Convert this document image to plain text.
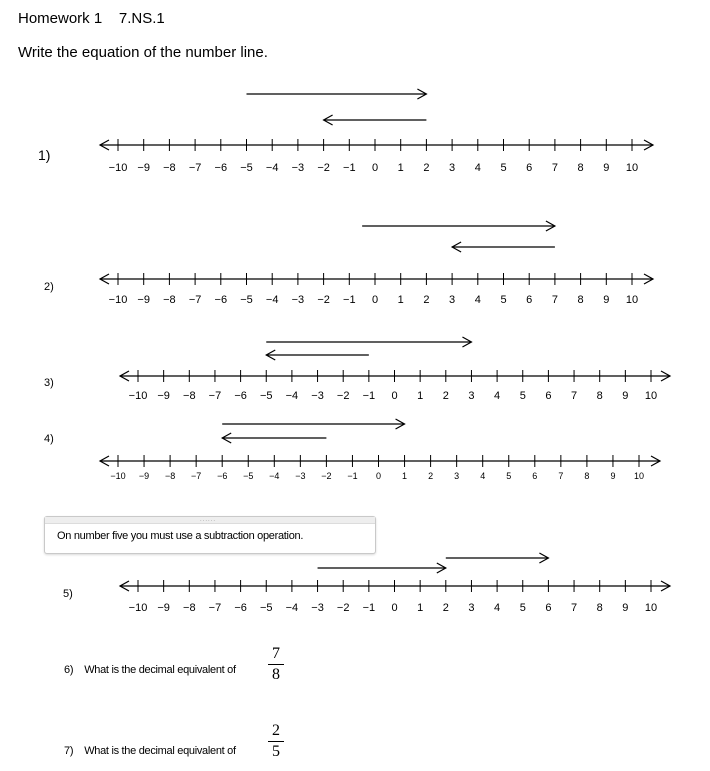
Homework 1 7.NS.1
Write the equation of the number line.
1)
2)
3)
4)
5)
−10 −9 −8 −7 −6 −5 −4 −3 −2 −1 0 1 2 3 4 5 6 7 8 9 10
−10 −9 −8 −7 −6 −5 −4 −3 −2 −1 0 1 2 3 4 5 6 7 8 9 10
−10 −9 −8 −7 −6 −5 −4 −3 −2 −1 0 1 2 3 4 5 6 7 8 9 10
−10 −9 −8 −7 −6 −5 −4 −3 −2 −1 0 1 2 3 4 5 6 7 8 9 10
−10 −9 −8 −7 −6 −5 −4 −3 −2 −1 0 1 2 3 4 5 6 7 8 9 10
......
On number five you must use a subtraction operation.
6) What is the decimal equivalent of
7
8
7) What is the decimal equivalent of
2
5
